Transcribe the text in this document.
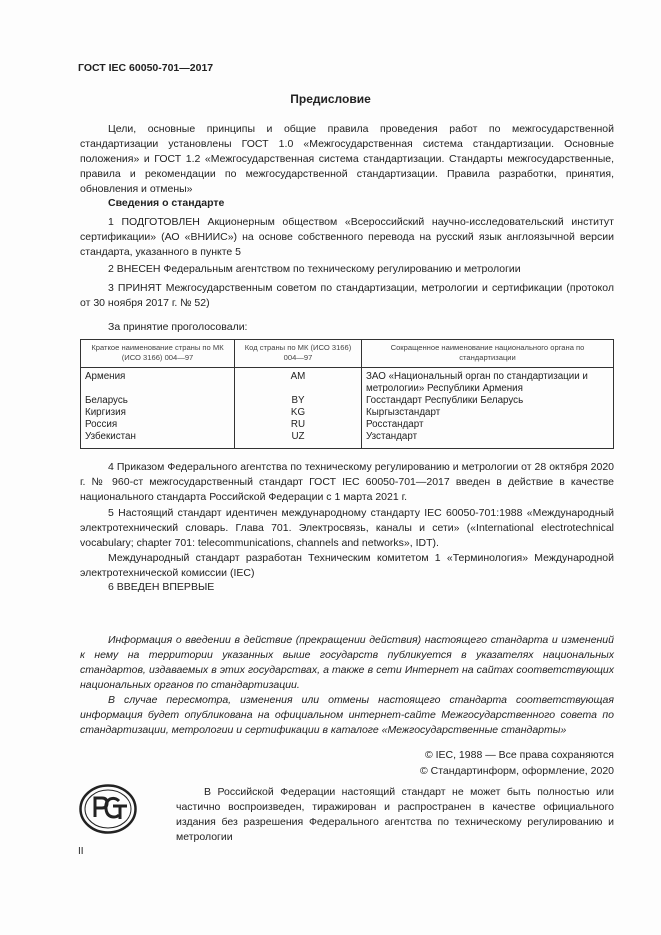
ГОСТ IEC 60050-701—2017
Предисловие

Цели, основные принципы и общие правила проведения работ по межгосударственной стандартизации установлены ГОСТ 1.0 «Межгосударственная система стандартизации. Основные положения» и ГОСТ 1.2 «Межгосударственная система стандартизации. Стандарты межгосударственные, правила и рекомендации по межгосударственной стандартизации. Правила разработки, принятия, обновления и отмены»

Сведения о стандарте

1 ПОДГОТОВЛЕН Акционерным обществом «Всероссийский научно-исследовательский институт сертификации» (АО «ВНИИС») на основе собственного перевода на русский язык англоязычной версии стандарта, указанного в пункте 5

2 ВНЕСЕН Федеральным агентством по техническому регулированию и метрологии

3 ПРИНЯТ Межгосударственным советом по стандартизации, метрологии и сертификации (протокол от 30 ноября 2017 г. № 52)

За принятие проголосовали:

Краткое наименование страны по МК (ИСО 3166) 004—97	Код страны по МК (ИСО 3166) 004—97	Сокращенное наименование национального органа по стандартизации
Армения	AM	ЗАО «Национальный орган по стандартизации и метрологии» Республики Армения
Беларусь	BY	Госстандарт Республики Беларусь
Киргизия	KG	Кыргызстандарт
Россия	RU	Росстандарт
Узбекистан	UZ	Узстандарт

4 Приказом Федерального агентства по техническому регулированию и метрологии от 28 октября 2020 г. № 960-ст межгосударственный стандарт ГОСТ IEC 60050-701—2017 введен в действие в качестве национального стандарта Российской Федерации с 1 марта 2021 г.

5 Настоящий стандарт идентичен международному стандарту IEC 60050-701:1988 «Международный электротехнический словарь. Глава 701. Электросвязь, каналы и сети» («International electrotechnical vocabulary; chapter 701: telecommunications, channels and networks», IDT).

Международный стандарт разработан Техническим комитетом 1 «Терминология» Международной электротехнической комиссии (IEC)

6 ВВЕДЕН ВПЕРВЫЕ

Информация о введении в действие (прекращении действия) настоящего стандарта и изменений к нему на территории указанных выше государств публикуется в указателях национальных стандартов, издаваемых в этих государствах, а также в сети Интернет на сайтах соответствующих национальных органов по стандартизации.

В случае пересмотра, изменения или отмены настоящего стандарта соответствующая информация будет опубликована на официальном интернет-сайте Межгосударственного совета по стандартизации, метрологии и сертификации в каталоге «Межгосударственные стандарты»

© IEC, 1988 — Все права сохраняются
© Стандартинформ, оформление, 2020

В Российской Федерации настоящий стандарт не может быть полностью или частично воспроизведен, тиражирован и распространен в качестве официального издания без разрешения Федерального агентства по техническому регулированию и метрологии

II
